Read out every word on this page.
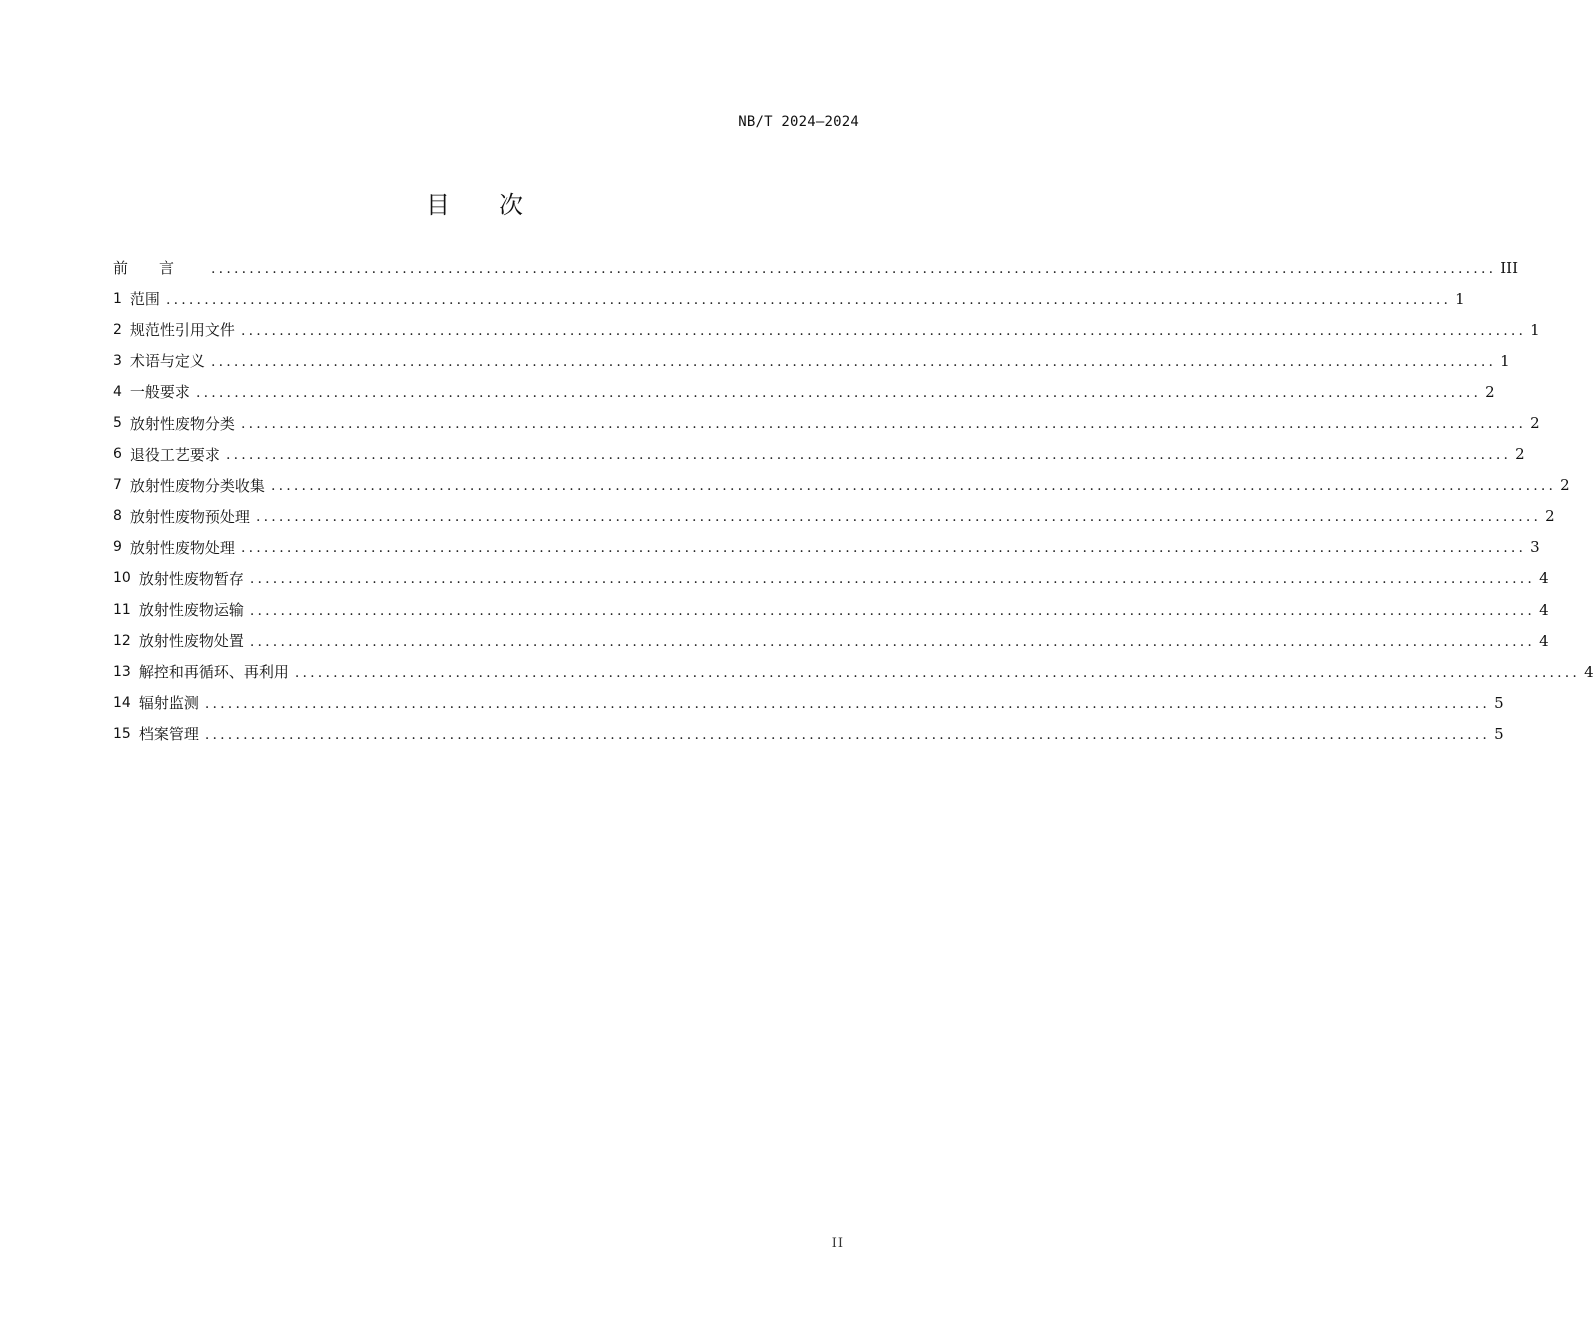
NB/T 2024—2024
目 次
前言 ........................................................................................................................................................................ III
1 范围 ........................................................................................................................................................................ 1
2 规范性引用文件 ........................................................................................................................................................................ 1
3 术语与定义 ........................................................................................................................................................................ 1
4 一般要求 ........................................................................................................................................................................ 2
5 放射性废物分类 ........................................................................................................................................................................ 2
6 退役工艺要求 ........................................................................................................................................................................ 2
7 放射性废物分类收集 ........................................................................................................................................................................ 2
8 放射性废物预处理 ........................................................................................................................................................................ 2
9 放射性废物处理 ........................................................................................................................................................................ 3
10 放射性废物暂存 ........................................................................................................................................................................ 4
11 放射性废物运输 ........................................................................................................................................................................ 4
12 放射性废物处置 ........................................................................................................................................................................ 4
13 解控和再循环、再利用 ........................................................................................................................................................................ 4
14 辐射监测 ........................................................................................................................................................................ 5
15 档案管理 ........................................................................................................................................................................ 5
II
